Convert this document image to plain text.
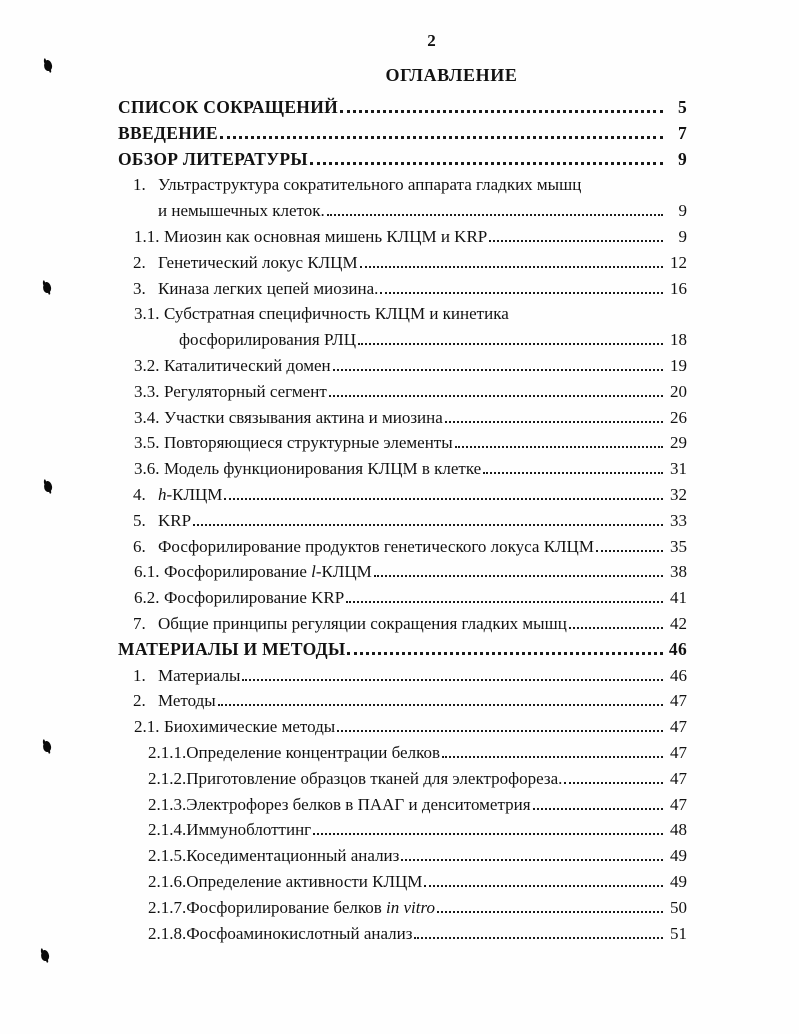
2
ОГЛАВЛЕНИЕ
СПИСОК СОКРАЩЕНИЙ	5
ВВЕДЕНИЕ	7
ОБЗОР ЛИТЕРАТУРЫ	9
1. Ультраструктура сократительного аппарата гладких мышц
и немышечных клеток.	9
1.1. Миозин как основная мишень КЛЦМ и KRP	9
2. Генетический локус КЛЦМ	12
3. Киназа легких цепей миозина.	16
3.1. Субстратная специфичность КЛЦМ и кинетика
фосфорилирования РЛЦ	18
3.2. Каталитический домен	19
3.3. Регуляторный сегмент	20
3.4. Участки связывания актина и миозина	26
3.5. Повторяющиеся структурные элементы	29
3.6. Модель функционирования КЛЦМ в клетке	31
4. h-КЛЦМ	32
5. KRP	33
6. Фосфорилирование продуктов генетического локуса КЛЦМ	35
6.1. Фосфорилирование l-КЛЦМ	38
6.2. Фосфорилирование KRP	41
7. Общие принципы регуляции сокращения гладких мышц	42
МАТЕРИАЛЫ И МЕТОДЫ	46
1. Материалы	46
2. Методы	47
2.1. Биохимические методы	47
2.1.1. Определение концентрации белков	47
2.1.2. Приготовление образцов тканей для электрофореза.	47
2.1.3. Электрофорез белков в ПААГ и денситометрия	47
2.1.4. Иммуноблоттинг	48
2.1.5. Коседиментационный анализ	49
2.1.6. Определение активности КЛЦМ	49
2.1.7. Фосфорилирование белков in vitro	50
2.1.8. Фосфоаминокислотный анализ	51
